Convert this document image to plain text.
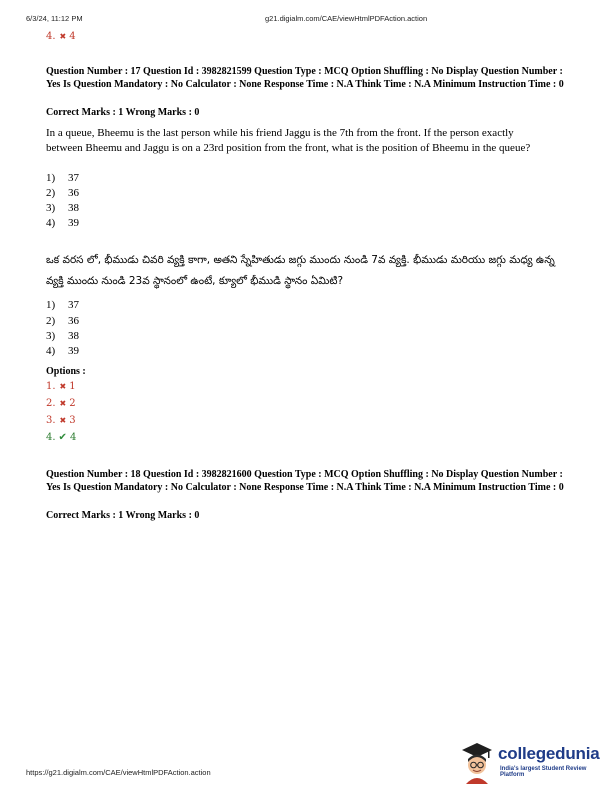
6/3/24, 11:12 PM	g21.digialm.com/CAE/viewHtmlPDFAction.action
4. ✖ 4
Question Number : 17 Question Id : 3982821599 Question Type : MCQ Option Shuffling : No Display Question Number : Yes Is Question Mandatory : No Calculator : None Response Time : N.A Think Time : N.A Minimum Instruction Time : 0
Correct Marks : 1 Wrong Marks : 0
In a queue, Bheemu is the last person while his friend Jaggu is the 7th from the front. If the person exactly between Bheemu and Jaggu is on a 23rd position from the front, what is the position of Bheemu in the queue?
1) 37
2) 36
3) 38
4) 39
ఒక వరస లో, భీముడు చివరి వ్యక్తి కాగా, అతని స్నేహితుడు జగ్గు ముందు నుండి 7వ వ్యక్తి. భీముడు మరియు జగ్గు మధ్య ఉన్న వ్యక్తి ముందు నుండి 23వ స్థానంలో ఉంటే, క్యూలో భీముడి స్థానం ఏమిటి?
1) 37
2) 36
3) 38
4) 39
Options :
1. ✖ 1
2. ✖ 2
3. ✖ 3
4. ✔ 4
Question Number : 18 Question Id : 3982821600 Question Type : MCQ Option Shuffling : No Display Question Number : Yes Is Question Mandatory : No Calculator : None Response Time : N.A Think Time : N.A Minimum Instruction Time : 0
Correct Marks : 1 Wrong Marks : 0
https://g21.digialm.com/CAE/viewHtmlPDFAction.action
collegedunia
India's largest Student Review Platform
